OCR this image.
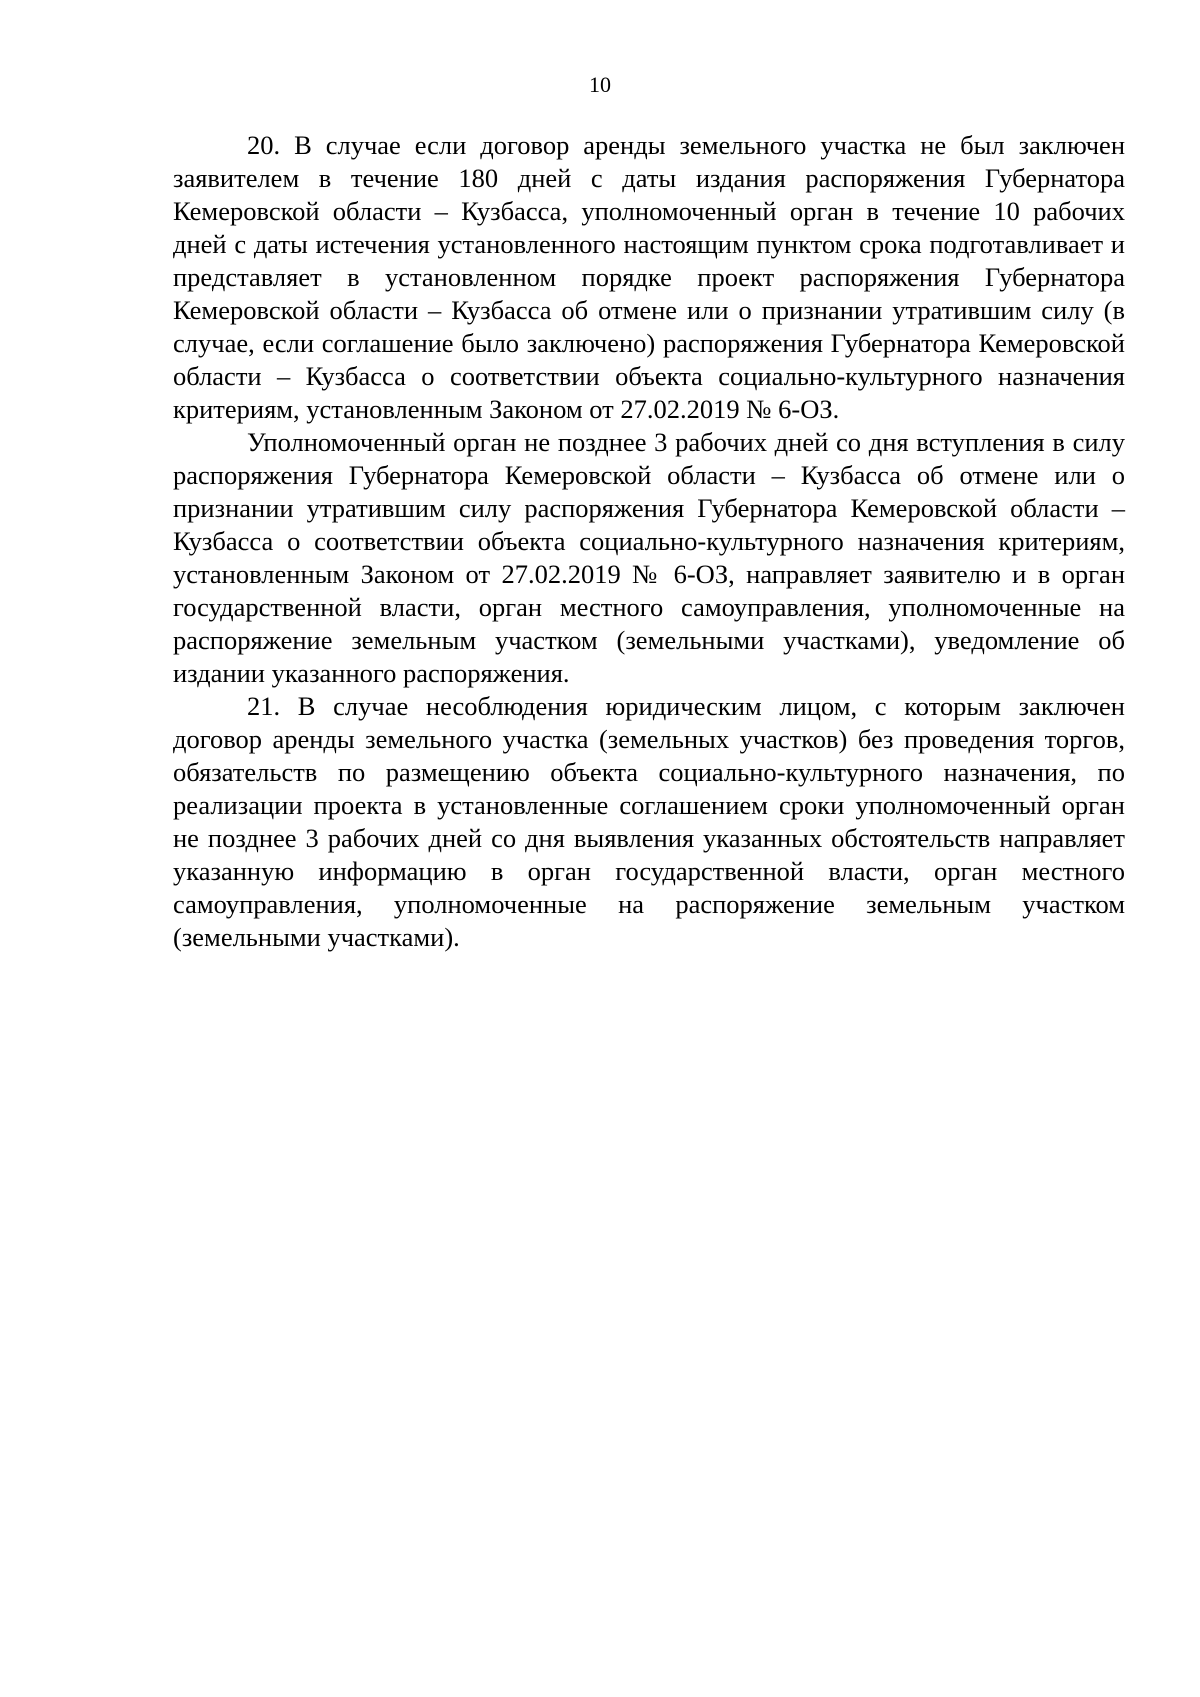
10

20. В случае если договор аренды земельного участка не был заключен заявителем в течение 180 дней с даты издания распоряжения Губернатора Кемеровской области – Кузбасса, уполномоченный орган в течение 10 рабочих дней с даты истечения установленного настоящим пунктом срока подготавливает и представляет в установленном порядке проект распоряжения Губернатора Кемеровской области – Кузбасса об отмене или о признании утратившим силу (в случае, если соглашение было заключено) распоряжения Губернатора Кемеровской области – Кузбасса о соответствии объекта социально-культурного назначения критериям, установленным Законом от 27.02.2019 № 6-ОЗ.

Уполномоченный орган не позднее 3 рабочих дней со дня вступления в силу распоряжения Губернатора Кемеровской области – Кузбасса об отмене или о признании утратившим силу распоряжения Губернатора Кемеровской области – Кузбасса о соответствии объекта социально-культурного назначения критериям, установленным Законом от 27.02.2019 № 6-ОЗ, направляет заявителю и в орган государственной власти, орган местного самоуправления, уполномоченные на распоряжение земельным участком (земельными участками), уведомление об издании указанного распоряжения.

21. В случае несоблюдения юридическим лицом, с которым заключен договор аренды земельного участка (земельных участков) без проведения торгов, обязательств по размещению объекта социально-культурного назначения, по реализации проекта в установленные соглашением сроки уполномоченный орган не позднее 3 рабочих дней со дня выявления указанных обстоятельств направляет указанную информацию в орган государственной власти, орган местного самоуправления, уполномоченные на распоряжение земельным участком (земельными участками).
